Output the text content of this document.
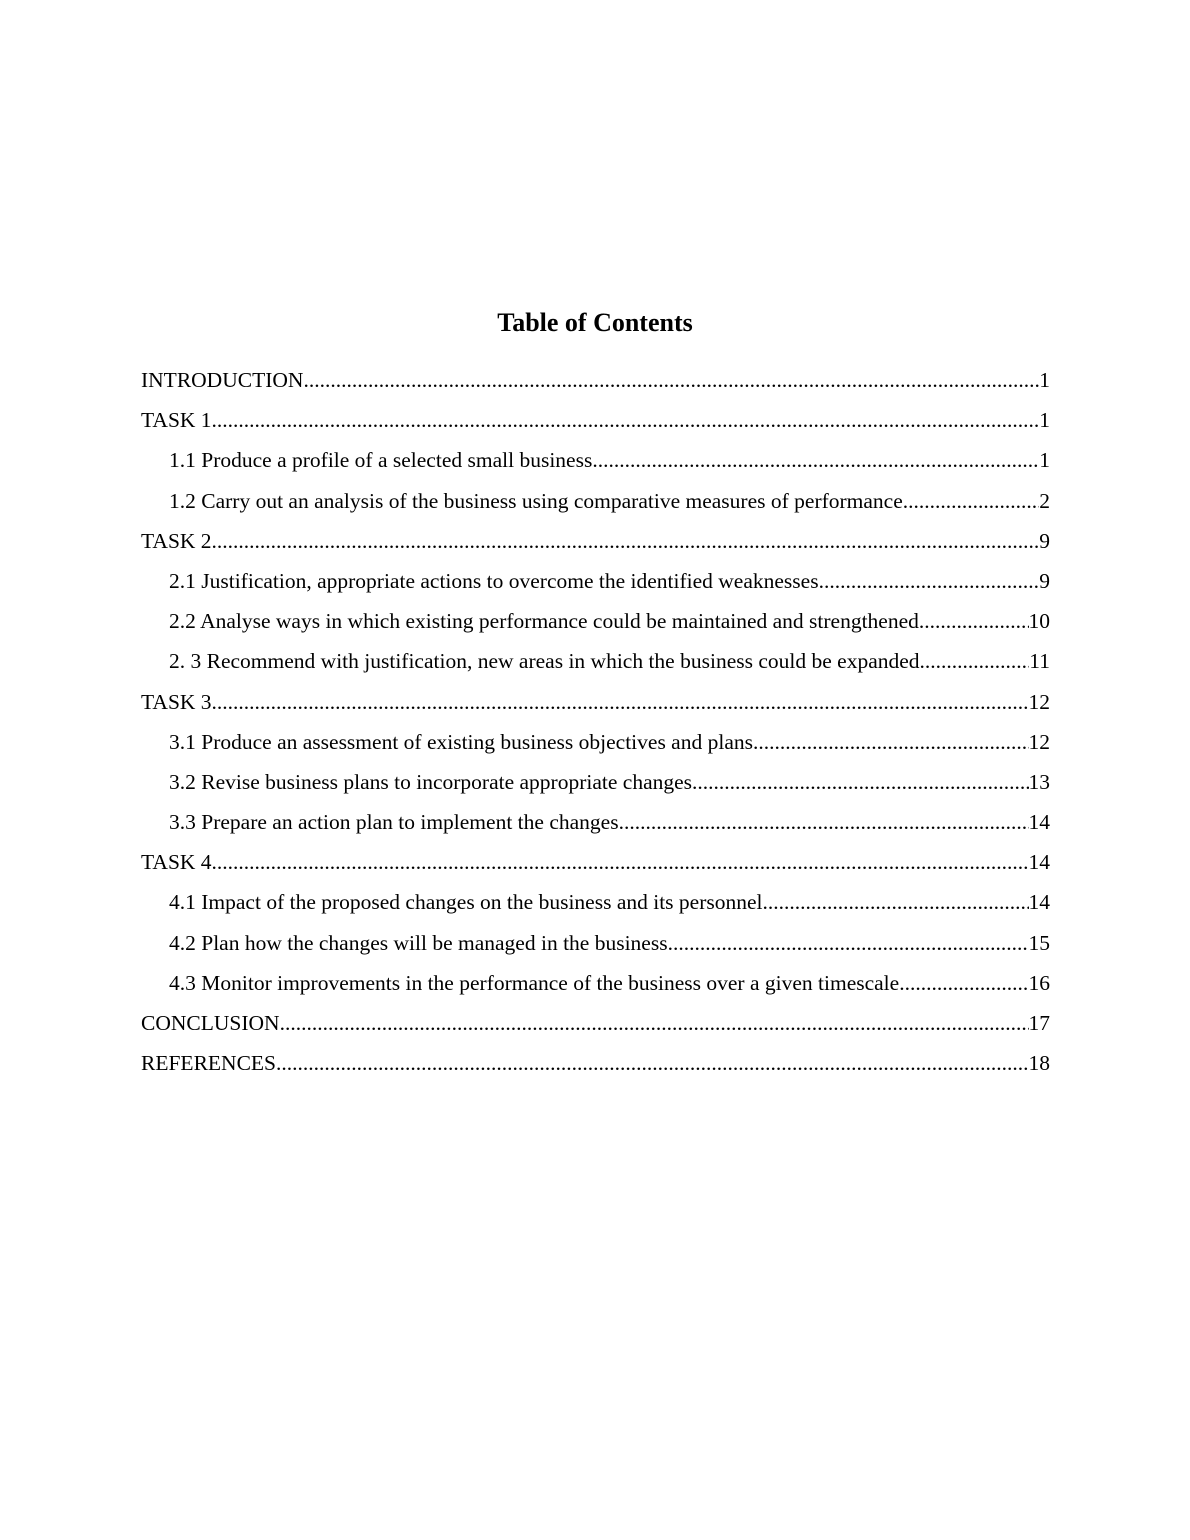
Table of Contents
INTRODUCTION .....	1
TASK 1 .....	1
1.1 Produce a profile of a selected small business .....	1
1.2 Carry out an analysis of the business using comparative measures of performance .....	2
TASK 2 .....	9
2.1 Justification, appropriate actions to overcome the identified weaknesses .....	9
2.2 Analyse ways in which existing performance could be maintained and strengthened .....	10
2. 3 Recommend with justification, new areas in which the business could be expanded. .....	11
TASK 3 .....	12
3.1 Produce an assessment of existing business objectives and plans .....	12
3.2 Revise business plans to incorporate appropriate changes .....	13
3.3 Prepare an action plan to implement the changes .....	14
TASK 4 .....	14
4.1 Impact of the proposed changes on the business and its personnel .....	14
4.2 Plan how the changes will be managed in the business .....	15
4.3 Monitor improvements in the performance of the business over a given timescale .....	16
CONCLUSION .....	17
REFERENCES .....	18
